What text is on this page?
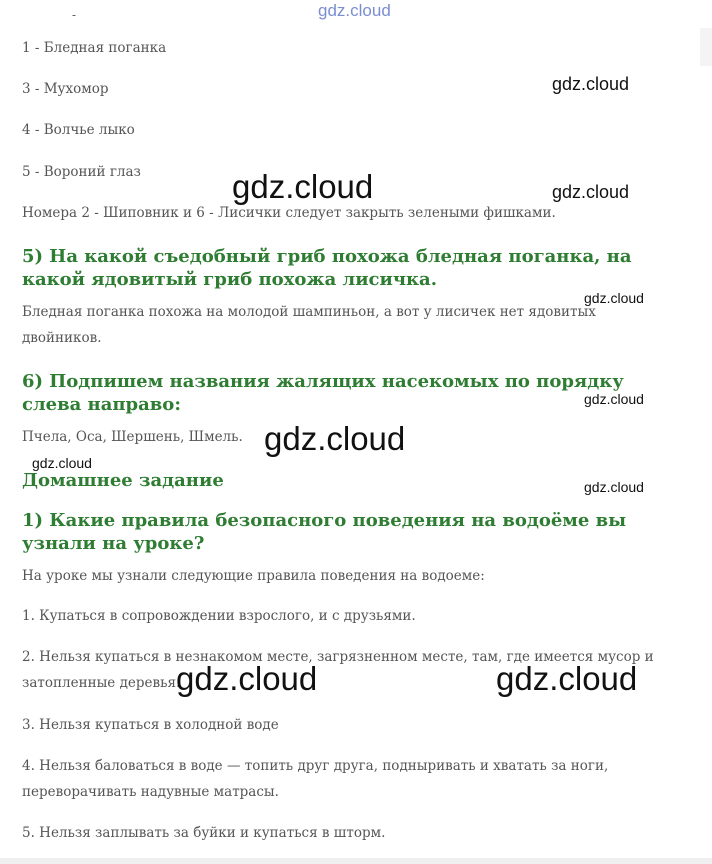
gdz.cloud
-

1 - Бледная поганка

3 - Мухомор

4 - Волчье лыко

5 - Вороний глаз

Номера 2 - Шиповник и 6 - Лисички следует закрыть зелеными фишками.

5) На какой съедобный гриб похожа бледная поганка, на какой ядовитый гриб похожа лисичка.

Бледная поганка похожа на молодой шампиньон, а вот у лисичек нет ядовитых двойников.

6) Подпишем названия жалящих насекомых по порядку слева направо:

Пчела, Оса, Шершень, Шмель.

Домашнее задание
1) Какие правила безопасного поведения на водоёме вы узнали на уроке?

На уроке мы узнали следующие правила поведения на водоеме:

1. Купаться в сопровождении взрослого, и с друзьями.

2. Нельзя купаться в незнакомом месте, загрязненном месте, там, где имеется мусор и затопленные деревья.

3. Нельзя купаться в холодной воде

4. Нельзя баловаться в воде — топить друг друга, подныривать и хватать за ноги, переворачивать надувные матрасы.

5. Нельзя заплывать за буйки и купаться в шторм.

gdz.cloud
gdz.cloud	gdz.cloud
gdz.cloud
gdz.cloud
gdz.cloud
gdz.cloud
gdz.cloud
gdz.cloud	gdz.cloud
